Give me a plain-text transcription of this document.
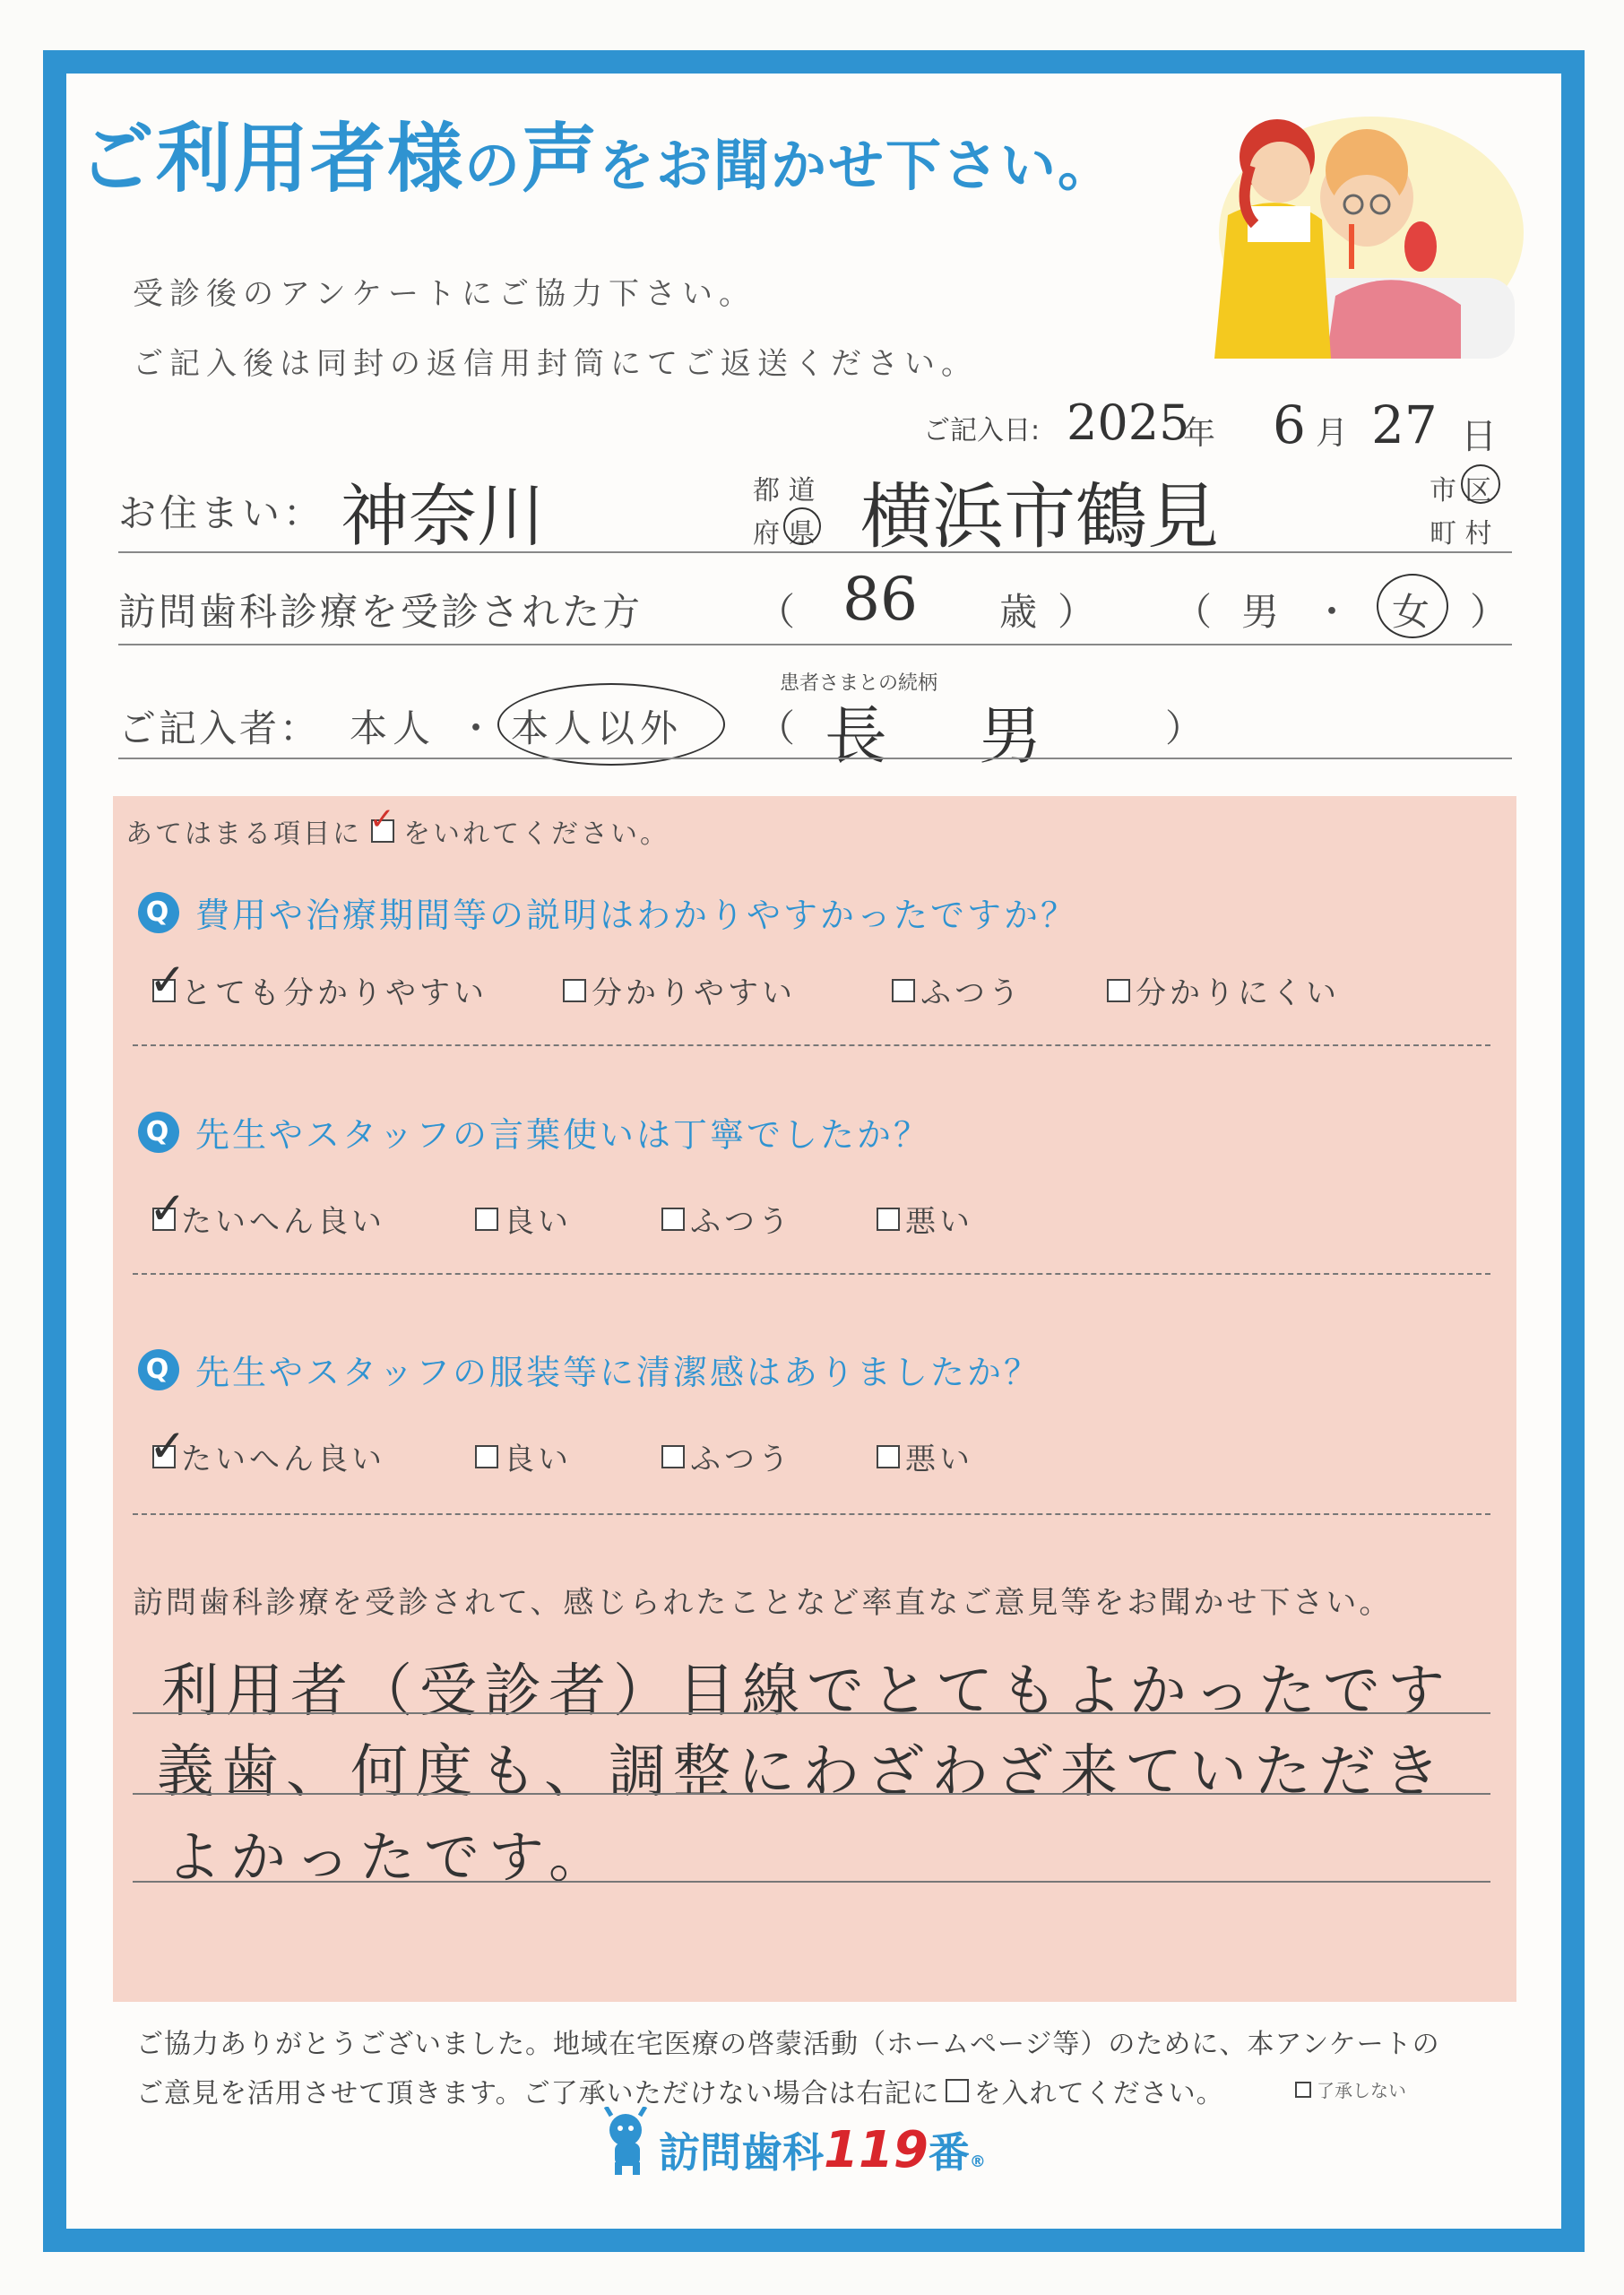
ご利用者様の声をお聞かせ下さい。
受診後のアンケートにご協力下さい。
ご記入後は同封の返信用封筒にてご返送ください。
ご記入日: 2025
年 6 月 27 日
お住まい： 神奈川	都 道
府 県 横浜市鶴見	市 区
町 村
訪問歯科診療を受診された方	（ 86 歳 ） （ 男 ・ 女 ）
ご記入者： 本人 ・ 本人以外
患者さまとの続柄
（ 長 男 ）
あてはまる項目に ✓ をいれてください。
Q 費用や治療期間等の説明はわかりやすかったですか？
✓
とても分かりやすい	分かりやすい	ふつう	分かりにくい
Q 先生やスタッフの言葉使いは丁寧でしたか？
✓
たいへん良い	良い	ふつう	悪い
Q 先生やスタッフの服装等に清潔感はありましたか？
✓
たいへん良い	良い	ふつう	悪い
訪問歯科診療を受診されて、感じられたことなど率直なご意見等をお聞かせ下さい。
利用者（受診者）目線でとてもよかったです
義歯、何度も、調整にわざわざ来ていただき
よかったです。
ご協力ありがとうございました。地域在宅医療の啓蒙活動（ホームページ等）のために、本アンケートの
ご意見を活用させて頂きます。ご了承いただけない場合は右記に を入れてください。	了承しない
訪問歯科 119 番 ®
